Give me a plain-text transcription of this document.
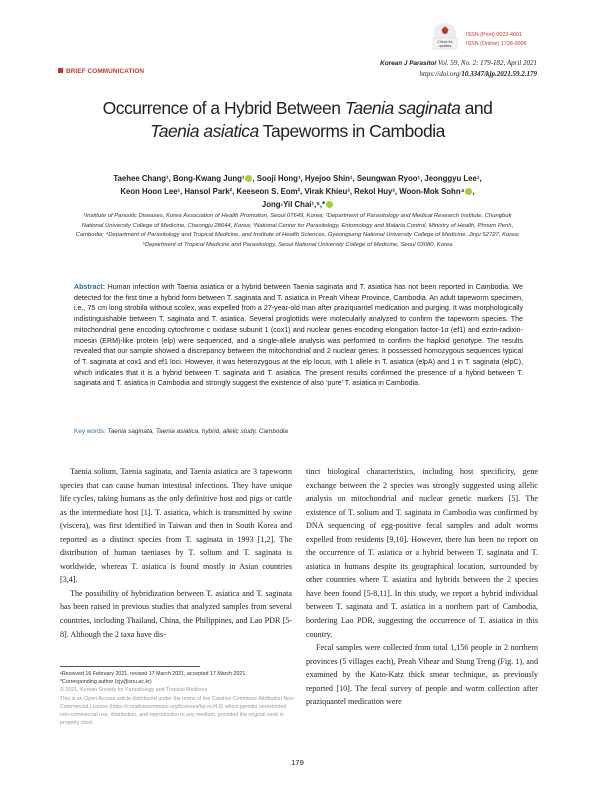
Check for
updates
ISSN (Print) 0023-4001
ISSN (Online) 1738-0006
BRIEF COMMUNICATION
Korean J Parasitol Vol. 59, No. 2: 179-182, April 2021
https://doi.org/10.3347/kjp.2021.59.2.179
Occurrence of a Hybrid Between Taenia saginata and
Taenia asiatica Tapeworms in Cambodia
Taehee Chang¹, Bong-Kwang Jung¹ , Sooji Hong¹, Hyejoo Shin¹, Seungwan Ryoo¹, Jeonggyu Lee¹,
Keon Hoon Lee¹, Hansol Park², Keeseon S. Eom², Virak Khieu³, Rekol Huy³, Woon-Mok Sohn⁴ ,
Jong-Yil Chai¹,⁵,*
¹Institute of Parasitic Diseases, Korea Association of Health Promotion, Seoul 07649, Korea; ²Department of Parasitology and Medical Research Institute, Chungbuk National University College of Medicine, Cheongju 28644, Korea; ³National Center for Parasitology, Entomology and Malaria Control, Ministry of Health, Phnom Penh, Cambodia; ⁴Department of Parasitology and Tropical Medicine, and Institute of Health Sciences, Gyeongsang National University College of Medicine, Jinju 52727, Korea; ⁵Department of Tropical Medicine and Parasitology, Seoul National University College of Medicine, Seoul 03080, Korea
Abstract: Human infection with Taenia asiatica or a hybrid between Taenia saginata and T. asiatica has not been reported in Cambodia. We detected for the first time a hybrid form between T. saginata and T. asiatica in Preah Vihear Province, Cambodia. An adult tapeworm specimen, i.e., 75 cm long strobila without scolex, was expelled from a 27-year-old man after praziquantel medication and purging. It was morphologically indistinguishable between T. saginata and T. asiatica. Several proglottids were molecularly analyzed to confirm the tapeworm species. The mitochondrial gene encoding cytochrome c oxidase subunit 1 (cox1) and nuclear genes encoding elongation factor-1α (ef1) and ezrin-radixin-moesin (ERM)-like protein (elp) were sequenced, and a single-allele analysis was performed to confirm the haploid genotype. The results revealed that our sample showed a discrepancy between the mitochondrial and 2 nuclear genes. It possessed homozygous sequences typical of T. saginata at cox1 and ef1 loci. However, it was heterozygous at the elp locus, with 1 allele in T. asiatica (elpA) and 1 in T. saginata (elpC), which indicates that it is a hybrid between T. saginata and T. asiatica. The present results confirmed the presence of a hybrid between T. saginata and T. asiatica in Cambodia and strongly suggest the existence of also ‘pure’ T. asiatica in Cambodia.
Key words: Taenia saginata, Taenia asiatica, hybrid, allelic study, Cambodia

Taenia solium, Taenia saginata, and Taenia asiatica are 3 tapeworm species that can cause human intestinal infections. They have unique life cycles, taking humans as the only definitive host and pigs or cattle as the intermediate host [1]. T. asiatica, which is transmitted by swine (viscera), was first identified in Taiwan and then in South Korea and reported as a distinct species from T. saginata in 1993 [1,2]. The distribution of human taeniases by T. solium and T. saginata is worldwide, whereas T. asiatica is found mostly in Asian countries [3,4].

The possibility of hybridization between T. asiatica and T. saginata has been raised in previous studies that analyzed samples from several countries, including Thailand, China, the Philippines, and Lao PDR [5-8]. Although the 2 taxa have dis-

tinct biological characteristics, including host specificity, gene exchange between the 2 species was strongly suggested using allelic analysis on mitochondrial and nuclear genetic markers [5]. The existence of T. solium and T. saginata in Cambodia was confirmed by DNA sequencing of egg-positive fecal samples and adult worms expelled from residents [9,10]. However, there has been no report on the occurrence of T. asiatica or a hybrid between T. saginata and T. asiatica in humans despite its geographical location, surrounded by other countries where T. asiatica and hybrids between the 2 species have been found [5-8,11]. In this study, we report a hybrid individual between T. saginata and T. asiatica in a northern part of Cambodia, bordering Lao PDR, suggesting the occurrence of T. asiatica in this country.

Fecal samples were collected from total 1,156 people in 2 northern provinces (5 villages each), Preah Vihear and Stung Treng (Fig. 1), and examined by the Kato-Katz thick smear technique, as previously reported [10]. The fecal survey of people and worm collection after praziquantel medication were

•Received 16 February 2021, revised 17 March 2021, accepted 17 March 2021.
*Corresponding author (cjy@snu.ac.kr)
© 2021, Korean Society for Parasitology and Tropical Medicine
This is an Open Access article distributed under the terms of the Creative Commons Attribution Non-Commercial License (https://creativecommons.org/licenses/by-nc/4.0) which permits unrestricted non-commercial use, distribution, and reproduction in any medium, provided the original work is properly cited.
179
